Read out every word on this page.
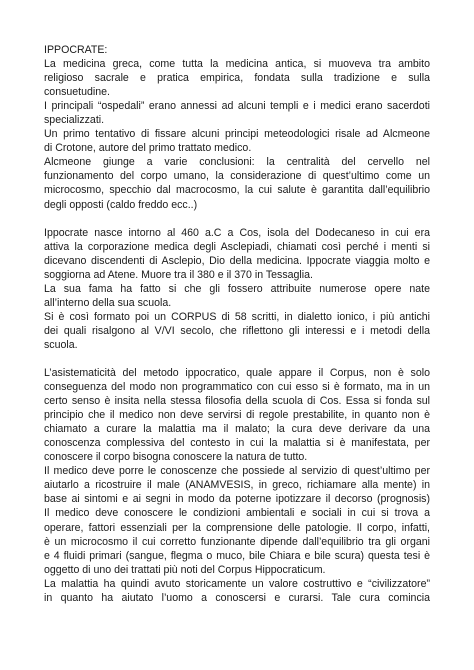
IPPOCRATE:
La medicina greca, come tutta la medicina antica, si muoveva tra ambito
religioso sacrale e pratica empirica, fondata sulla tradizione e sulla
consuetudine.
I principali “ospedali” erano annessi ad alcuni templi e i medici erano sacerdoti
specializzati.
Un primo tentativo di fissare alcuni principi meteodologici risale ad Alcmeone
di Crotone, autore del primo trattato medico.
Alcmeone giunge a varie conclusioni: la centralità del cervello nel
funzionamento del corpo umano, la considerazione di quest’ultimo come un
microcosmo, specchio dal macrocosmo, la cui salute è garantita dall’equilibrio
degli opposti (caldo freddo ecc..)
Ippocrate nasce intorno al 460 a.C a Cos, isola del Dodecaneso in cui era
attiva la corporazione medica degli Asclepiadi, chiamati così perché i menti si
dicevano discendenti di Asclepio, Dio della medicina. Ippocrate viaggia molto e
soggiorna ad Atene. Muore tra il 380 e il 370 in Tessaglia.
La sua fama ha fatto si che gli fossero attribuite numerose opere nate
all’interno della sua scuola.
Si è così formato poi un CORPUS di 58 scritti, in dialetto ionico, i più antichi
dei quali risalgono al V/VI secolo, che riflettono gli interessi e i metodi della
scuola.
L’asistematicità del metodo ippocratico, quale appare il Corpus, non è solo
conseguenza del modo non programmatico con cui esso si è formato, ma in un
certo senso è insita nella stessa filosofia della scuola di Cos. Essa si fonda sul
principio che il medico non deve servirsi di regole prestabilite, in quanto non è
chiamato a curare la malattia ma il malato; la cura deve derivare da una
conoscenza complessiva del contesto in cui la malattia si è manifestata, per
conoscere il corpo bisogna conoscere la natura de tutto.
Il medico deve porre le conoscenze che possiede al servizio di quest’ultimo per
aiutarlo a ricostruire il male (ANAMVESIS, in greco, richiamare alla mente) in
base ai sintomi e ai segni in modo da poterne ipotizzare il decorso (prognosis)
Il medico deve conoscere le condizioni ambientali e sociali in cui si trova a
operare, fattori essenziali per la comprensione delle patologie. Il corpo, infatti,
è un microcosmo il cui corretto funzionante dipende dall’equilibrio tra gli organi
e 4 fluidi primari (sangue, flegma o muco, bile Chiara e bile scura) questa tesi è
oggetto di uno dei trattati più noti del Corpus Hippocraticum.
La malattia ha quindi avuto storicamente un valore costruttivo e “civilizzatore”
in quanto ha aiutato l’uomo a conoscersi e curarsi. Tale cura comincia
